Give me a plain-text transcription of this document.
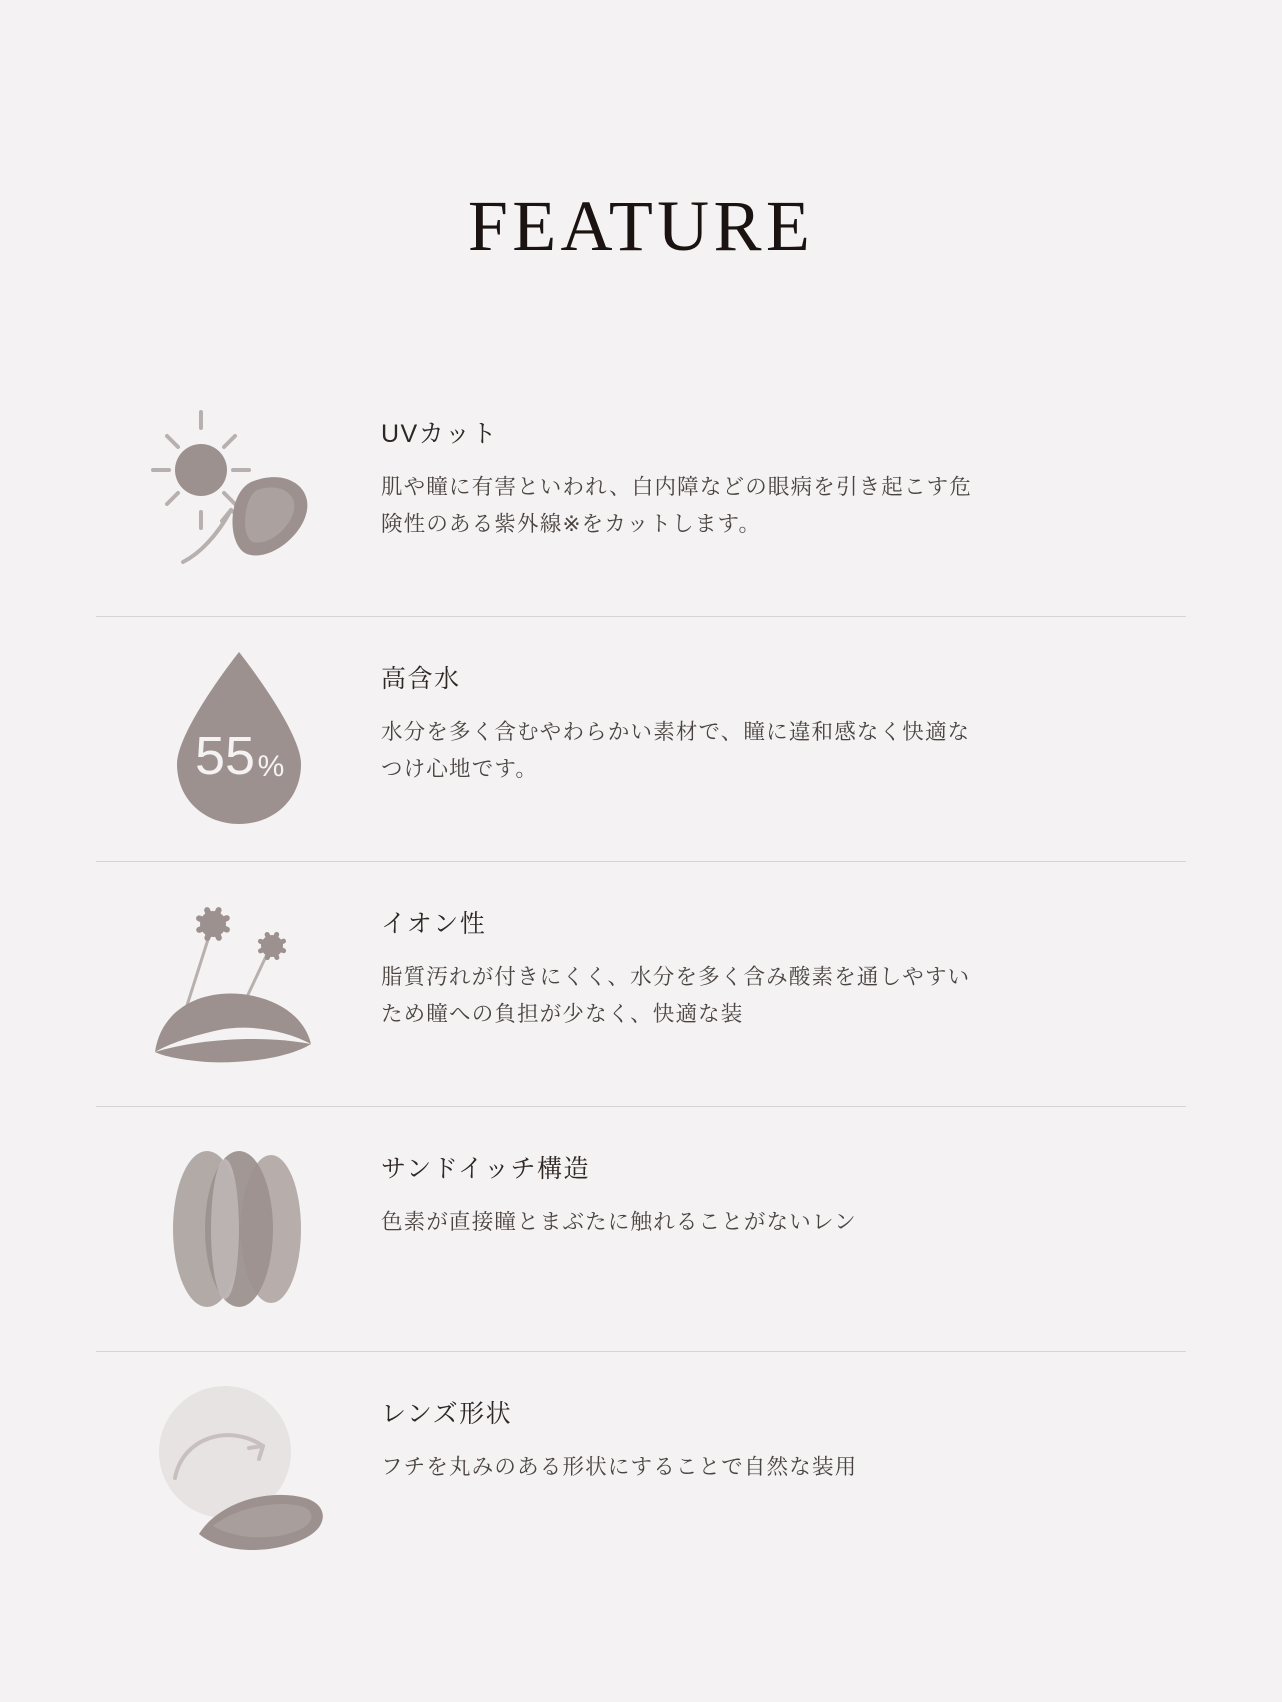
FEATURE

UVカット

肌や瞳に有害といわれ、白内障などの眼病を引き起こす危険性のある紫外線※をカットします。

55 %

高含水

水分を多く含むやわらかい素材で、瞳に違和感なく快適なつけ心地です。

イオン性

脂質汚れが付きにくく、水分を多く含み酸素を通しやすいため瞳への負担が少なく、快適な装

サンドイッチ構造

色素が直接瞳とまぶたに触れることがないレン

レンズ形状

フチを丸みのある形状にすることで自然な装用
